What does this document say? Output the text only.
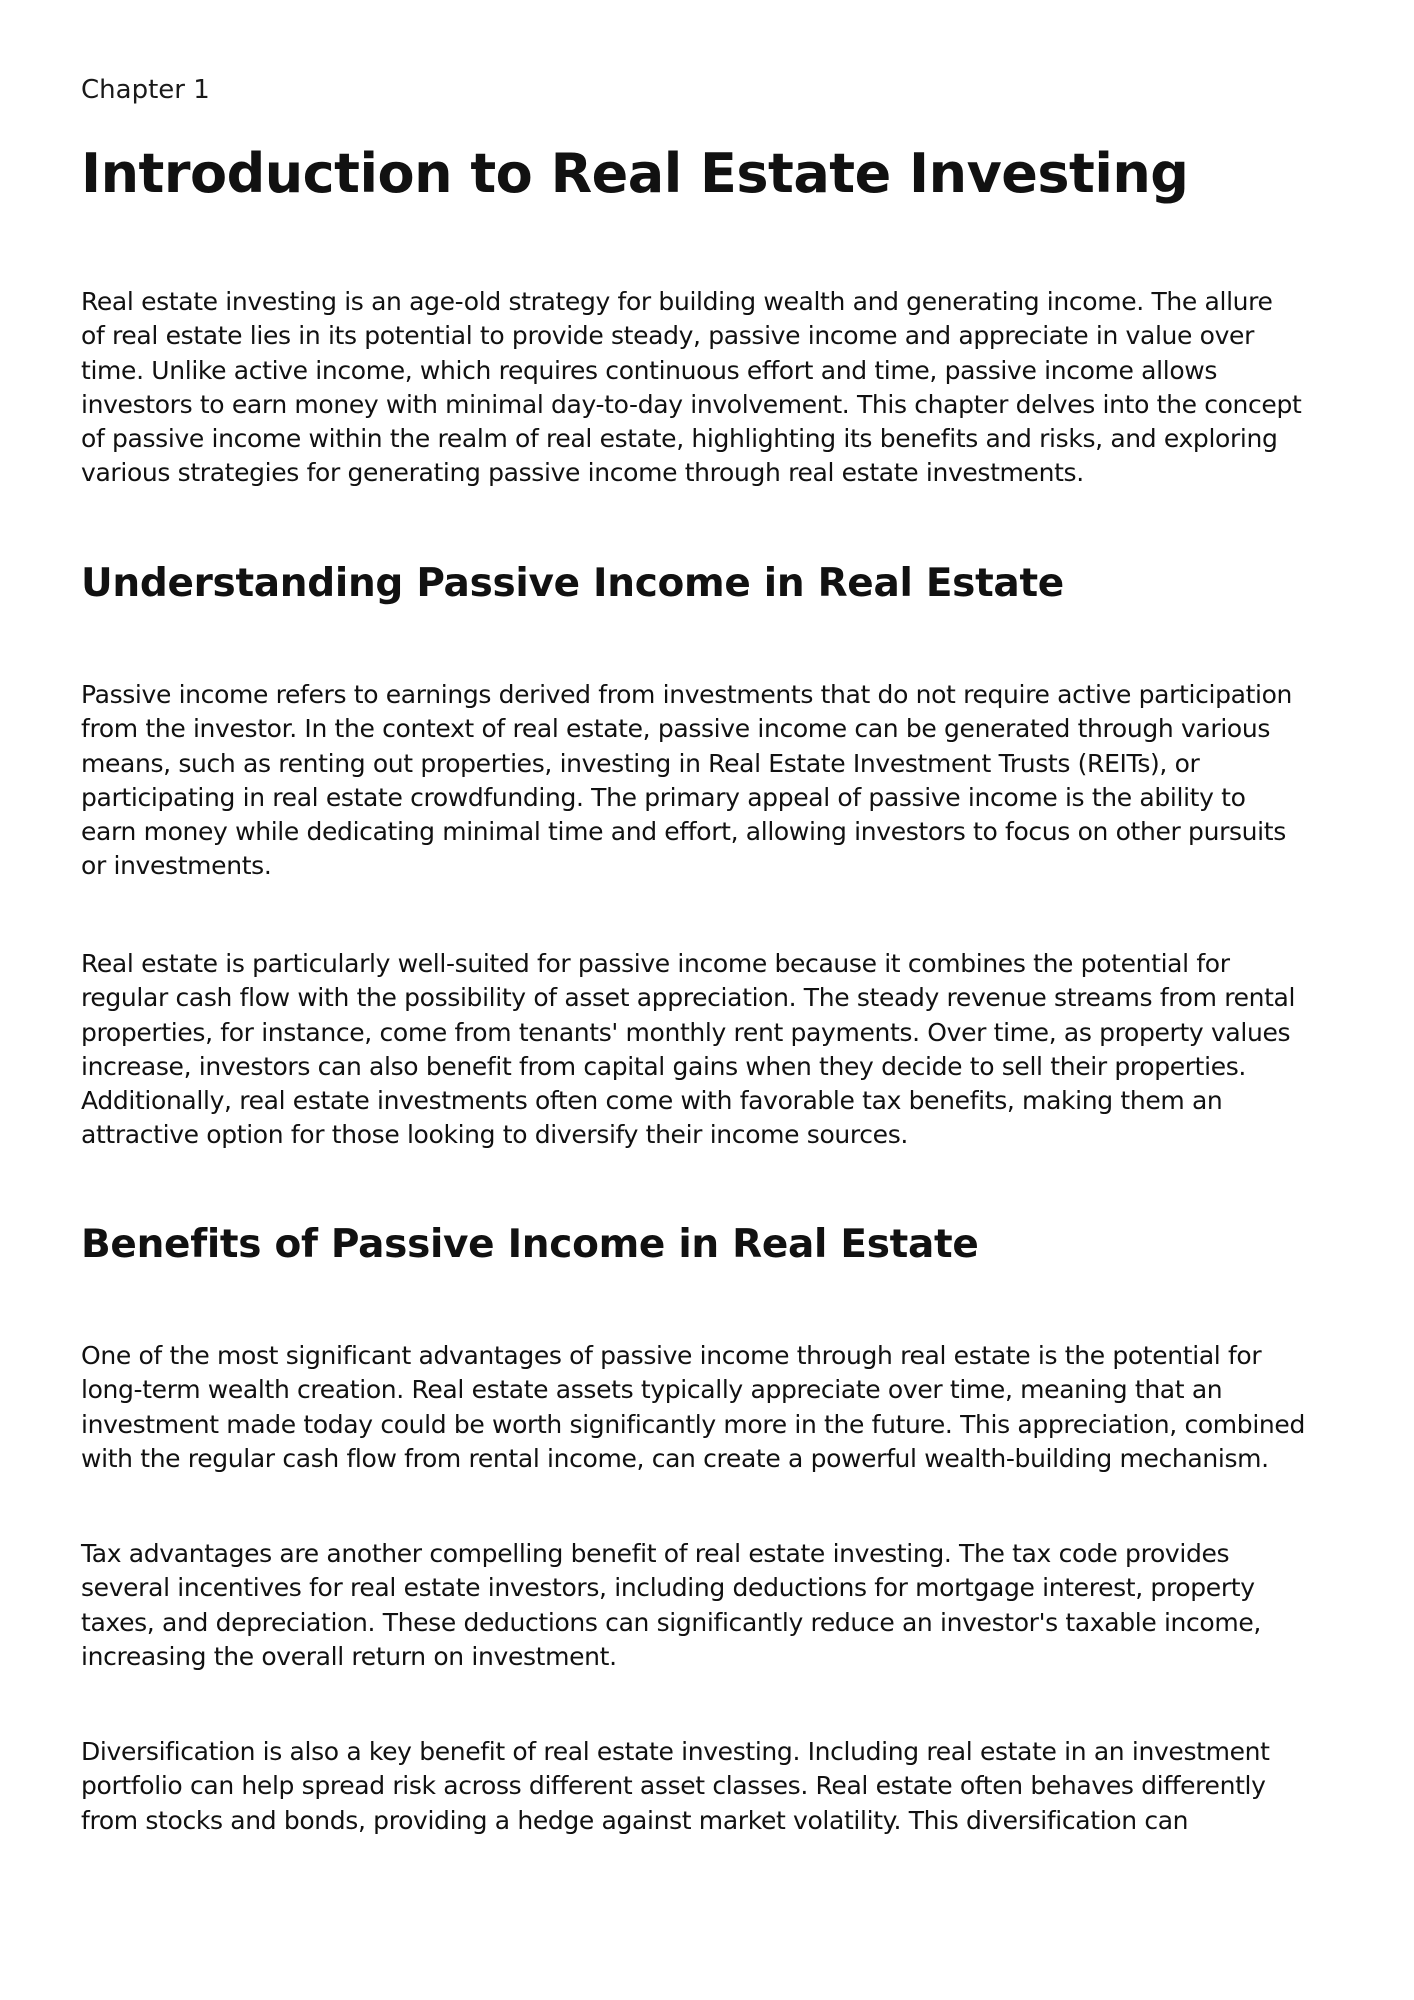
Chapter 1
Introduction to Real Estate Investing

Real estate investing is an age-old strategy for building wealth and generating income. The allure
of real estate lies in its potential to provide steady, passive income and appreciate in value over
time. Unlike active income, which requires continuous effort and time, passive income allows
investors to earn money with minimal day-to-day involvement. This chapter delves into the concept
of passive income within the realm of real estate, highlighting its benefits and risks, and exploring
various strategies for generating passive income through real estate investments.

Understanding Passive Income in Real Estate

Passive income refers to earnings derived from investments that do not require active participation
from the investor. In the context of real estate, passive income can be generated through various
means, such as renting out properties, investing in Real Estate Investment Trusts (REITs), or
participating in real estate crowdfunding. The primary appeal of passive income is the ability to
earn money while dedicating minimal time and effort, allowing investors to focus on other pursuits
or investments.

Real estate is particularly well-suited for passive income because it combines the potential for
regular cash flow with the possibility of asset appreciation. The steady revenue streams from rental
properties, for instance, come from tenants' monthly rent payments. Over time, as property values
increase, investors can also benefit from capital gains when they decide to sell their properties.
Additionally, real estate investments often come with favorable tax benefits, making them an
attractive option for those looking to diversify their income sources.

Benefits of Passive Income in Real Estate

One of the most significant advantages of passive income through real estate is the potential for
long-term wealth creation. Real estate assets typically appreciate over time, meaning that an
investment made today could be worth significantly more in the future. This appreciation, combined
with the regular cash flow from rental income, can create a powerful wealth-building mechanism.

Tax advantages are another compelling benefit of real estate investing. The tax code provides
several incentives for real estate investors, including deductions for mortgage interest, property
taxes, and depreciation. These deductions can significantly reduce an investor's taxable income,
increasing the overall return on investment.

Diversification is also a key benefit of real estate investing. Including real estate in an investment
portfolio can help spread risk across different asset classes. Real estate often behaves differently
from stocks and bonds, providing a hedge against market volatility. This diversification can
